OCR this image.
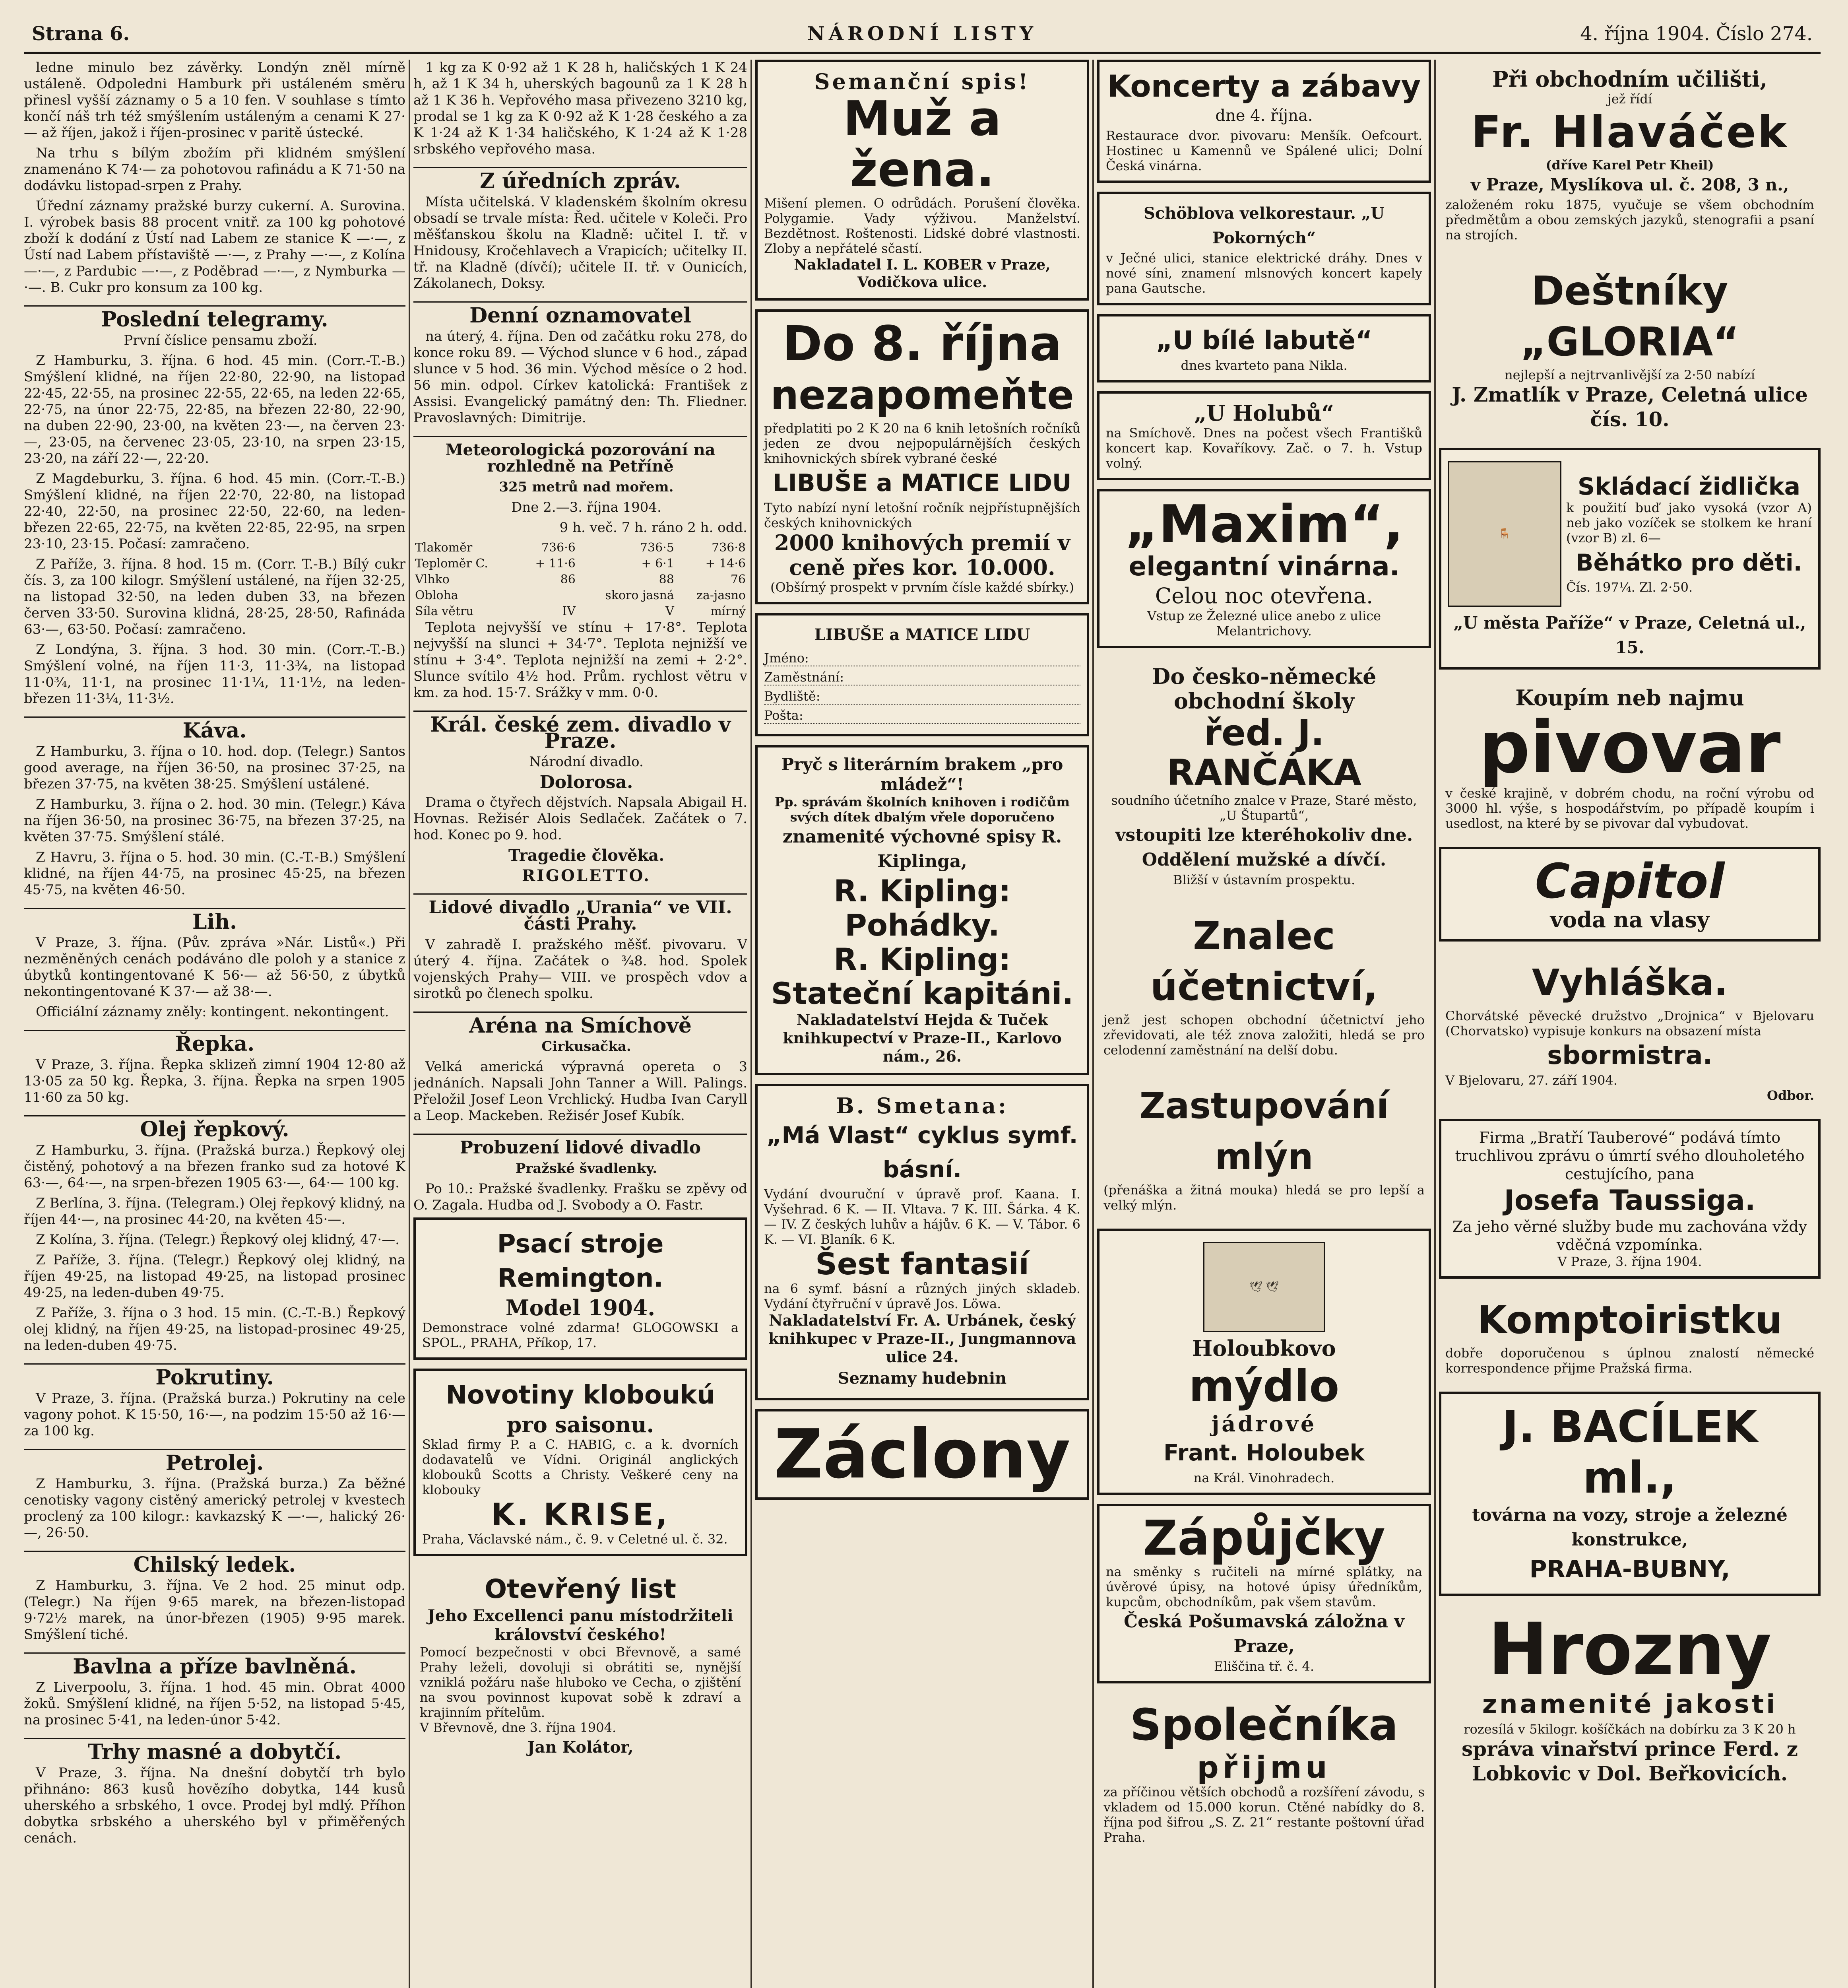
Strana 6.	NÁRODNÍ LISTY	4. října 1904. Číslo 274.

ledne minulo bez závěrky. Londýn zněl mírně ustáleně. Odpoledni Hamburk při ustáleném směru přinesl vyšší záznamy o 5 a 10 fen. V souhlase s tímto končí náš trh též smýšlením ustáleným a cenami K 27·— až říjen, jakož i říjen-prosinec v paritě ústecké.

Na trhu s bílým zbožím při klidném smýšlení znamenáno K 74·— za pohotovou rafinádu a K 71·50 na dodávku listopad-srpen z Prahy.

Úřední záznamy pražské burzy cukerní. A. Surovina. I. výrobek basis 88 procent vnitř. za 100 kg pohotové zboží k dodání z Ústí nad Labem ze stanice K —·—, z Ústí nad Labem přístaviště —·—, z Prahy —·—, z Kolína —·—, z Pardubic —·—, z Poděbrad —·—, z Nymburka —·—. B. Cukr pro konsum za 100 kg.

Poslední telegramy.

První číslice pensamu zboží.

Z Hamburku, 3. října. 6 hod. 45 min. (Corr.-T.-B.) Smýšlení klidné, na říjen 22·80, 22·90, na listopad 22·45, 22·55, na prosinec 22·55, 22·65, na leden 22·65, 22·75, na únor 22·75, 22·85, na březen 22·80, 22·90, na duben 22·90, 23·00, na květen 23·—, na červen 23·—, 23·05, na červenec 23·05, 23·10, na srpen 23·15, 23·20, na září 22·—, 22·20.

Z Magdeburku, 3. října. 6 hod. 45 min. (Corr.-T.-B.) Smýšlení klidné, na říjen 22·70, 22·80, na listopad 22·40, 22·50, na prosinec 22·50, 22·60, na leden-březen 22·65, 22·75, na květen 22·85, 22·95, na srpen 23·10, 23·15. Počasí: zamračeno.

Z Paříže, 3. října. 8 hod. 15 m. (Corr. T.-B.) Bílý cukr čís. 3, za 100 kilogr. Smýšlení ustálené, na říjen 32·25, na listopad 32·50, na leden duben 33, na březen červen 33·50. Surovina klidná, 28·25, 28·50, Rafináda 63·—, 63·50. Počasí: zamračeno.

Z Londýna, 3. října. 3 hod. 30 min. (Corr.-T.-B.) Smýšlení volné, na říjen 11·3, 11·3¾, na listopad 11·0¾, 11·1, na prosinec 11·1¼, 11·1½, na leden-březen 11·3¼, 11·3½.

Káva.

Z Hamburku, 3. října o 10. hod. dop. (Telegr.) Santos good average, na říjen 36·50, na prosinec 37·25, na březen 37·75, na květen 38·25. Smýšlení ustálené.

Z Hamburku, 3. října o 2. hod. 30 min. (Telegr.) Káva na říjen 36·50, na prosinec 36·75, na březen 37·25, na květen 37·75. Smýšlení stálé.

Z Havru, 3. října o 5. hod. 30 min. (C.-T.-B.) Smýšlení klidné, na říjen 44·75, na prosinec 45·25, na březen 45·75, na květen 46·50.

Lih.

V Praze, 3. října. (Pův. zpráva »Nár. Listů«.) Při nezměněných cenách podáváno dle poloh y a stanice z úbytků kontingentované K 56·— až 56·50, z úbytků nekontingentované K 37·— až 38·—.

Officiální záznamy zněly: kontingent. nekontingent.

Řepka.

V Praze, 3. října. Řepka sklizeň zimní 1904 12·80 až 13·05 za 50 kg. Řepka, 3. října. Řepka na srpen 1905 11·60 za 50 kg.

Olej řepkový.

Z Hamburku, 3. října. (Pražská burza.) Řepkový olej čistěný, pohotový a na březen franko sud za hotové K 63·—, 64·—, na srpen-březen 1905 63·—, 64·— 100 kg.

Z Berlína, 3. října. (Telegram.) Olej řepkový klidný, na říjen 44·—, na prosinec 44·20, na květen 45·—.

Z Kolína, 3. října. (Telegr.) Řepkový olej klidný, 47·—.

Z Paříže, 3. října. (Telegr.) Řepkový olej klidný, na říjen 49·25, na listopad 49·25, na listopad prosinec 49·25, na leden-duben 49·75.

Z Paříže, 3. října o 3 hod. 15 min. (C.-T.-B.) Řepkový olej klidný, na říjen 49·25, na listopad-prosinec 49·25, na leden-duben 49·75.

Pokrutiny.

V Praze, 3. října. (Pražská burza.) Pokrutiny na cele vagony pohot. K 15·50, 16·—, na podzim 15·50 až 16·— za 100 kg.

Petrolej.

Z Hamburku, 3. října. (Pražská burza.) Za běžné cenotisky vagony cistěný americký petrolej v kvestech proclený za 100 kilogr.: kavkazský K —·—, halický 26·—, 26·50.

Chilský ledek.

Z Hamburku, 3. října. Ve 2 hod. 25 minut odp. (Telegr.) Na říjen 9·65 marek, na březen-listopad 9·72½ marek, na únor-březen (1905) 9·95 marek. Smýšlení tiché.

Bavlna a příze bavlněná.

Z Liverpoolu, 3. října. 1 hod. 45 min. Obrat 4000 žoků. Smýšlení klidné, na říjen 5·52, na listopad 5·45, na prosinec 5·41, na leden-únor 5·42.

Trhy masné a dobytčí.

V Praze, 3. října. Na dnešní dobytčí trh bylo přihnáno: 863 kusů hovězího dobytka, 144 kusů uherského a srbského, 1 ovce. Prodej byl mdlý. Příhon dobytka srbského a uherského byl v přiměřených cenách.

1 kg za K 0·92 až 1 K 28 h, haličských 1 K 24 h, až 1 K 34 h, uherských bagounů za 1 K 28 h až 1 K 36 h. Vepřového masa přivezeno 3210 kg, prodal se 1 kg za K 0·92 až K 1·28 českého a za K 1·24 až K 1·34 haličského, K 1·24 až K 1·28 srbského vepřového masa.

Z úředních zpráv.

Místa učitelská. V kladenském školním okresu obsadí se trvale místa: Řed. učitele v Koleči. Pro měšťanskou školu na Kladně: učitel I. tř. v Hnidousy, Kročehlavech a Vrapicích; učitelky II. tř. na Kladně (dívčí); učitele II. tř. v Ounicích, Zákolanech, Doksy.

Denní oznamovatel

na úterý, 4. října. Den od začátku roku 278, do konce roku 89. — Východ slunce v 6 hod., západ slunce v 5 hod. 36 min. Východ měsíce o 2 hod. 56 min. odpol. Církev katolická: František z Assisi. Evangelický památný den: Th. Fliedner. Pravoslavných: Dimitrije.

Meteorologická pozorování na rozhledně na Petříně

325 metrů nad mořem.

Dne 2.—3. října 1904.

9 h. več. 7 h. ráno 2 h. odd.

Tlakoměr	736·6	736·5	736·8
Teploměr C.	+ 11·6	+ 6·1	+ 14·6
Vlhko	86	88	76
Obloha		skoro jasná	za-jasno
Síla větru	IV	V	mírný

Teplota nejvyšší ve stínu + 17·8°. Teplota nejvyšší na slunci + 34·7°. Teplota nejnižší ve stínu + 3·4°. Teplota nejnižší na zemi + 2·2°. Slunce svítilo 4½ hod. Prům. rychlost větru v km. za hod. 15·7. Srážky v mm. 0·0.

Král. české zem. divadlo v Praze.

Národní divadlo.

Dolorosa.

Drama o čtyřech dějstvích. Napsala Abigail H. Hovnas. Režisér Alois Sedlaček. Začátek o 7. hod. Konec po 9. hod.

Tragedie člověka.

RIGOLETTO.

Lidové divadlo „Urania“ ve VII. části Prahy.

V zahradě I. pražského měšť. pivovaru. V úterý 4. října. Začátek o ¾8. hod. Spolek vojenských Prahy— VIII. ve prospěch vdov a sirotků po členech spolku.

Aréna na Smíchově

Cirkusačka.

Velká americká výpravná opereta o 3 jednáních. Napsali John Tanner a Will. Palings. Přeložil Josef Leon Vrchlický. Hudba Ivan Caryll a Leop. Mackeben. Režisér Josef Kubík.

Probuzení lidové divadlo

Pražské švadlenky.

Po 10.: Pražské švadlenky. Frašku se zpěvy od O. Zagala. Hudba od J. Svobody a O. Fastr.

Psací stroje Remington.
Model 1904.
Demonstrace volné zdarma! GLOGOWSKI a SPOL., PRAHA, Příkop, 17.
Novotiny kloboukú
pro saisonu.
Sklad firmy P. a C. HABIG, c. a k. dvorních dodavatelů ve Vídni. Originál anglických klobouků Scotts a Christy. Veškeré ceny na klobouky
K. KRISE,
Praha, Václavské nám., č. 9. v Celetné ul. č. 32.
Otevřený list
Jeho Excellenci panu místodržiteli království českého!
Pomocí bezpečnosti v obci Břevnově, a samé Prahy leželi, dovoluji si obrátiti se, nynější vzniklá požáru naše hluboko ve Cecha, o zjištění na svou povinnost kupovat sobě k zdraví a krajinním přítelům.
V Břevnově, dne 3. října 1904.
Jan Kolátor,
Semanční spis!
Muž a žena.
Mišení plemen. O odrůdách. Porušení člověka. Polygamie. Vady výživou. Manželství. Bezdětnost. Roštenosti. Lidské dobré vlastnosti. Zloby a nepřátelé sčastí.
Nakladatel I. L. KOBER v Praze, Vodičkova ulice.
Do 8. října
nezapomeňte
předplatiti po 2 K 20 na 6 knih letošních ročníků jeden ze dvou nejpopulárnějších českých knihovnických sbírek vybrané české
LIBUŠE a MATICE LIDU
Tyto nabízí nyní letošní ročník nejpřístupnějších českých knihovnických
2000 knihových premií v ceně přes kor. 10.000.
(Obšírný prospekt v prvním čísle každé sbírky.)
LIBUŠE a MATICE LIDU
Jméno:
Zaměstnání:
Bydliště:
Pošta:
Pryč s literárním brakem „pro mládež“!
Pp. správám školních knihoven i rodičům svých dítek dbalým vřele doporučeno
znamenité výchovné spisy R. Kiplinga,
R. Kipling: Pohádky.
R. Kipling: Stateční kapitáni.
Nakladatelství Hejda & Tuček knihkupectví v Praze-II., Karlovo nám., 26.
B. Smetana:
„Má Vlast“ cyklus symf. básní.
Vydání dvouruční v úpravě prof. Kaana. I. Vyšehrad. 6 K. — II. Vltava. 7 K. III. Šárka. 4 K. — IV. Z českých luhův a hájův. 6 K. — V. Tábor. 6 K. — VI. Blaník. 6 K.
Šest fantasií
na 6 symf. básní a různých jiných skladeb. Vydání čtyřruční v úpravě Jos. Löwa.
Nakladatelství Fr. A. Urbánek, český knihkupec v Praze-II., Jungmannova ulice 24.
Seznamy hudebnin
Záclony
Koncerty a zábavy
dne 4. října.
Restaurace dvor. pivovaru: Menšík. Oefcourt. Hostinec u Kamennů ve Spálené ulici; Dolní Česká vinárna.
Schöblova velkorestaur. „U Pokorných“
v Ječné ulici, stanice elektrické dráhy. Dnes v nové síni, znamení mlsnových koncert kapely pana Gautsche.
„U bílé labutě“
dnes kvarteto pana Nikla.
„U Holubů“
na Smíchově. Dnes na počest všech Františků koncert kap. Kovaříkovy. Zač. o 7. h. Vstup volný.
„Maxim“,
elegantní vinárna.
Celou noc otevřena.
Vstup ze Železné ulice anebo z ulice Melantrichovy.
Do česko-německé
obchodní školy
řed. J. RANČÁKA
soudního účetního znalce v Praze, Staré město, „U Štupartů“,
vstoupiti lze kteréhokoliv dne.
Oddělení mužské a dívčí.
Bližší v ústavním prospektu.
Znalec účetnictví,
jenž jest schopen obchodní účetnictví jeho zřevidovati, ale též znova založiti, hledá se pro celodenní zaměstnání na delší dobu.
Zastupování mlýn
(přenáška a žitná mouka) hledá se pro lepší a velký mlýn.
🕊 🕊
Holoubkovo
mýdlo
jádrové
Frant. Holoubek
na Král. Vinohradech.
Zápůjčky
na směnky s ručiteli na mírné splátky, na úvěrové úpisy, na hotové úpisy úředníkům, kupcům, obchodníkům, pak všem stavům.
Česká Pošumavská záložna v Praze,
Eliščina tř. č. 4.
Společníka
přijmu
za příčinou větších obchodů a rozšíření závodu, s vkladem od 15.000 korun. Ctěné nabídky do 8. října pod šifrou „S. Z. 21“ restante poštovní úřad Praha.
Při obchodním učilišti,
jež řídí
Fr. Hlaváček
(dříve Karel Petr Kheil)
v Praze, Myslíkova ul. č. 208, 3 n.,
založeném roku 1875, vyučuje se všem obchodním předmětům a obou zemských jazyků, stenografii a psaní na strojích.
Deštníky „GLORIA“
nejlepší a nejtrvanlivější za 2·50 nabízí
J. Zmatlík v Praze, Celetná ulice čís. 10.
🪑
Skládací židlička
k použití buď jako vysoká (vzor A) neb jako vozíček se stolkem ke hraní (vzor B) zl. 6—
Běhátko pro děti.
Čís. 197¼. Zl. 2·50.
„U města Paříže“ v Praze, Celetná ul., 15.
Koupím neb najmu
pivovar
v české krajině, v dobrém chodu, na roční výrobu od 3000 hl. výše, s hospodářstvím, po případě koupím i usedlost, na které by se pivovar dal vybudovat.
Capitol
voda na vlasy
Vyhláška.
Chorvátské pěvecké družstvo „Drojnica“ v Bjelovaru (Chorvatsko) vypisuje konkurs na obsazení místa
sbormistra.
V Bjelovaru, 27. září 1904.
Odbor.
Firma „Bratří Tauberové“ podává tímto truchlivou zprávu o úmrtí svého dlouholetého cestujícího, pana
Josefa Taussiga.
Za jeho věrné služby bude mu zachována vždy vděčná vzpomínka.
V Praze, 3. října 1904.
Komptoiristku
dobře doporučenou s úplnou znalostí německé korrespondence přijme Pražská firma.
J. BACÍLEK ml.,
továrna na vozy, stroje a železné konstrukce,
PRAHA-BUBNY,
Hrozny
znamenité jakosti
rozesílá v 5kilogr. košíčkách na dobírku za 3 K 20 h
správa vinařství prince Ferd. z Lobkovic v Dol. Beřkovicích.
